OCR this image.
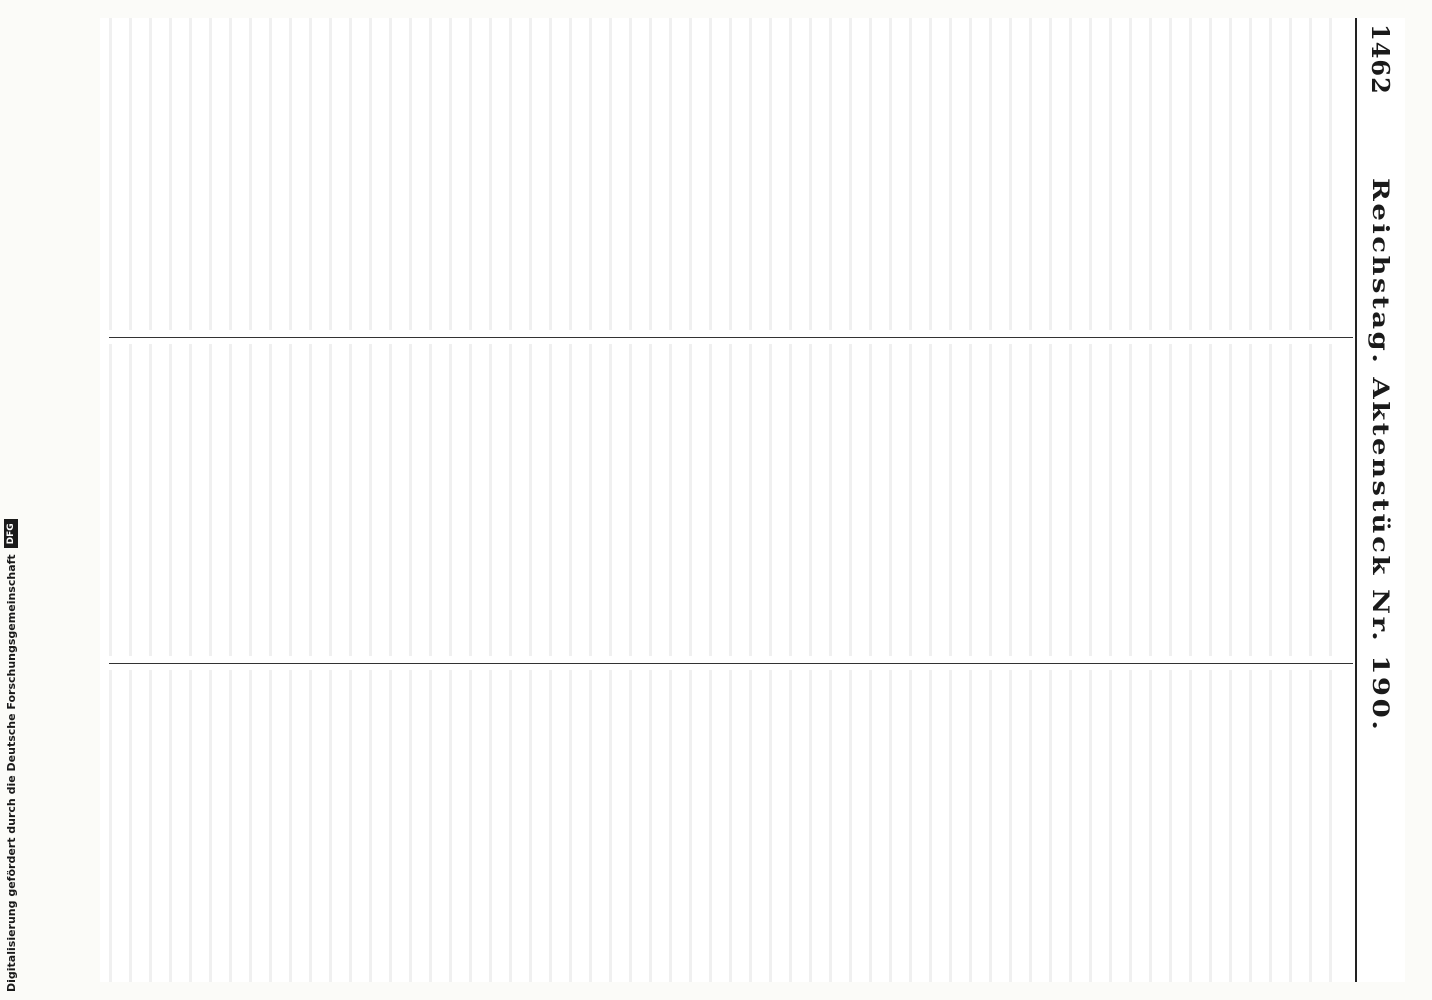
1462
Reichstag. Aktenstück Nr. 190.
Digitalisierung gefördert durch die Deutsche Forschungsgemeinschaft
DFG
